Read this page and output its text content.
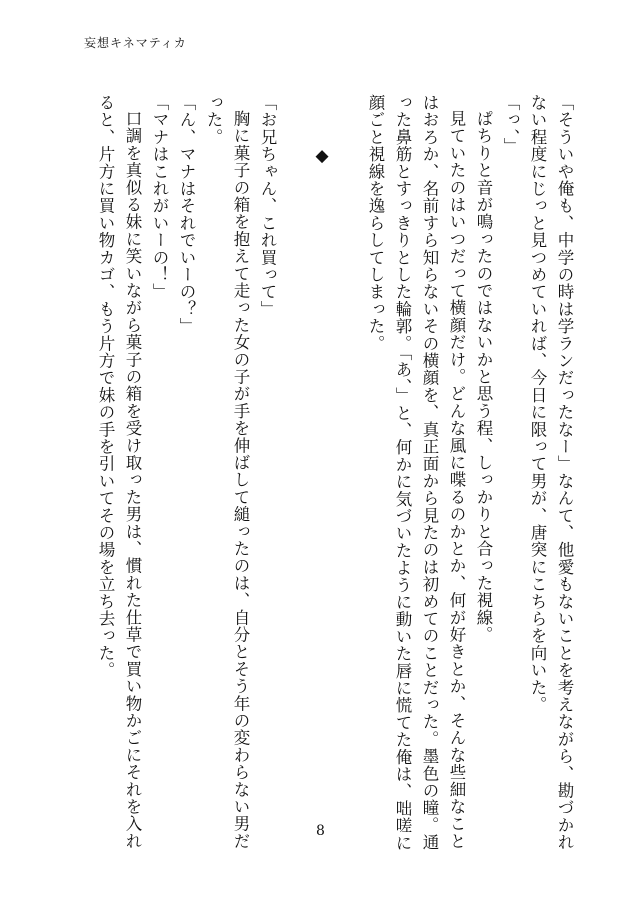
妄想キネマティカ
「そういや俺も、中学の時は学ランだったなー」なんて、他愛もないことを考えながら、勘づかれ
ない程度にじっと見つめていれば、今日に限って男が、唐突にこちらを向いた。
「っ、」
ぱちりと音が鳴ったのではないかと思う程、しっかりと合った視線。
見ていたのはいつだって横顔だけ。どんな風に喋るのかとか、何が好きとか、そんな些細なこと
はおろか、名前すら知らないその横顔を、真正面から見たのは初めてのことだった。墨色の瞳。通
った鼻筋とすっきりとした輪郭。「あ、」と、何かに気づいたように動いた唇に慌てた俺は、咄嗟に
顔ごと視線を逸らしてしまった。

◆

「お兄ちゃん、これ買って」
胸に菓子の箱を抱えて走った女の子が手を伸ばして縋ったのは、自分とそう年の変わらない男だ
った。
「ん、マナはそれでいーの？」
「マナはこれがいーの！」
口調を真似る妹に笑いながら菓子の箱を受け取った男は、慣れた仕草で買い物かごにそれを入れ
ると、片方に買い物カゴ、もう片方で妹の手を引いてその場を立ち去った。
8
